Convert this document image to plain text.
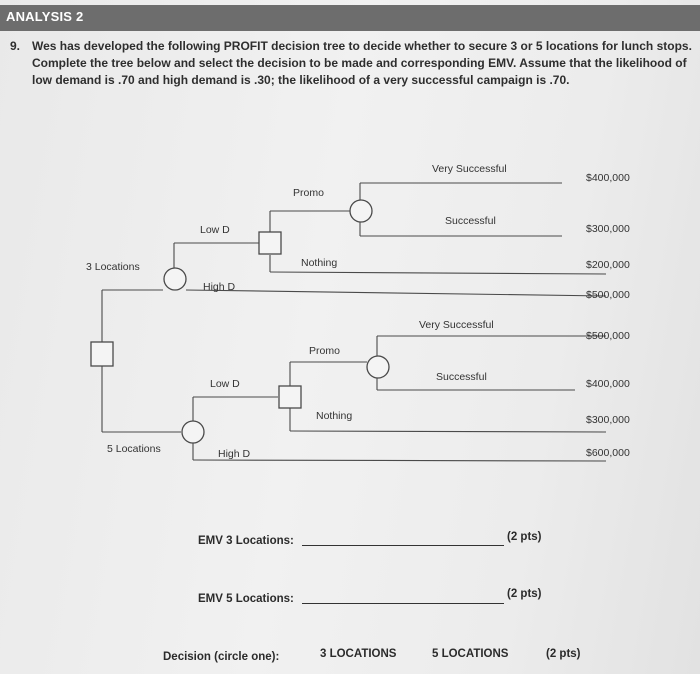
ANALYSIS 2
9. Wes has developed the following PROFIT decision tree to decide whether to secure 3 or 5 locations for lunch stops. Complete the tree below and select the decision to be made and corresponding EMV. Assume that the likelihood of low demand is .70 and high demand is .30; the likelihood of a very successful campaign is .70.
3 Locations
Low D
High D
Promo
Nothing
Very Successful
Successful
$400,000
$300,000
$200,000
$500,000
5 Locations
Low D
High D
Promo
Nothing
Very Successful
Successful
$500,000
$400,000
$300,000
$600,000
EMV 3 Locations:	(2 pts)
EMV 5 Locations:	(2 pts)
Decision (circle one):	3 LOCATIONS	5 LOCATIONS	(2 pts)
